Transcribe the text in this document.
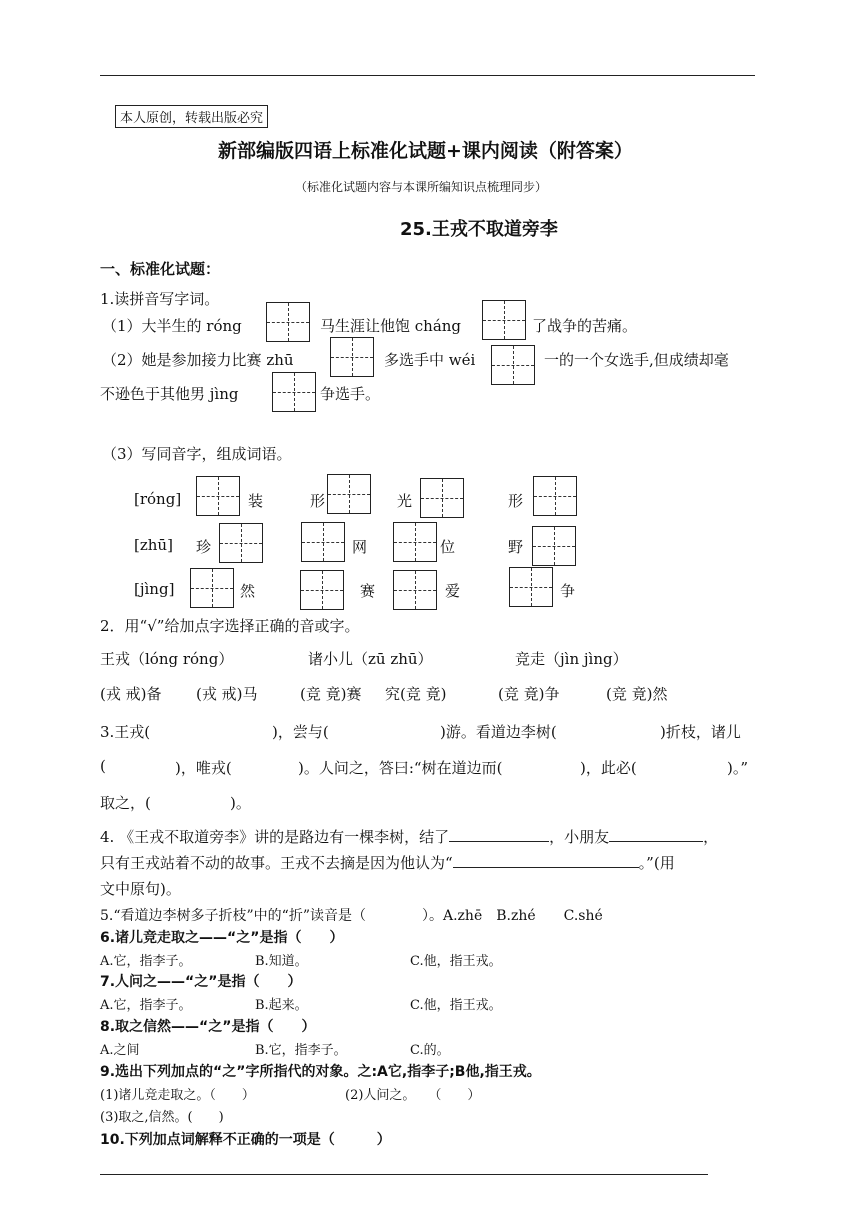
本人原创，转载出版必究
新部编版四语上标准化试题+课内阅读（附答案）
（标准化试题内容与本课所编知识点梳理同步）
25.王戎不取道旁李
一、标准化试题：
1.读拼音写字词。
（1）大半生的 róng	马生涯让他饱 cháng	了战争的苦痛。
（2）她是参加接力比赛 zhū	多选手中 wéi	一的一个女选手,但成绩却毫
不逊色于其他男 jìng	争选手。
（3）写同音字，组成词语。
[róng]	装	形	光	形
[zhū] 珍	网	位	野
[jìng]	然	赛	爱	争
2．用“√”给加点字选择正确的音或字。
王戎（lóng róng）	诸小儿（zū zhū）	竞走（jìn jìng）
(戎 戒)备 (戎 戒)马	(竞 竟)赛 究(竞 竟)	(竞 竟)争	(竞 竟)然
3.王戎(	)，尝与(	)游。看道边李树(	)折枝，诸儿
(	)，唯戎(	)。人问之，答曰:“树在道边而(	)，此必(	)。”
取之，(	)。
4. 《王戎不取道旁李》讲的是路边有一棵李树，结了	，小朋友	，
只有王戎站着不动的故事。王戎不去摘是因为他认为“	。”(用
文中原句)。
5.“看道边李树多子折枝”中的“折”读音是（　　　　）。A.zhē　B.zhé　　C.shé
6.诸儿竞走取之——“之”是指（　　）
A.它，指李子。	B.知道。	C.他，指王戎。
7.人问之——“之”是指（　　）
A.它，指李子。	B.起来。	C.他，指王戎。
8.取之信然——“之”是指（　　）
A.之间	B.它，指李子。	C.的。
9.选出下列加点的“之”字所指代的对象。之:A它,指李子;B他,指王戎。
(1)诸儿竞走取之。（　　）	(2)人问之。　　（　　）
(3)取之,信然。(　　)
10.下列加点词解释不正确的一项是（　　　）
